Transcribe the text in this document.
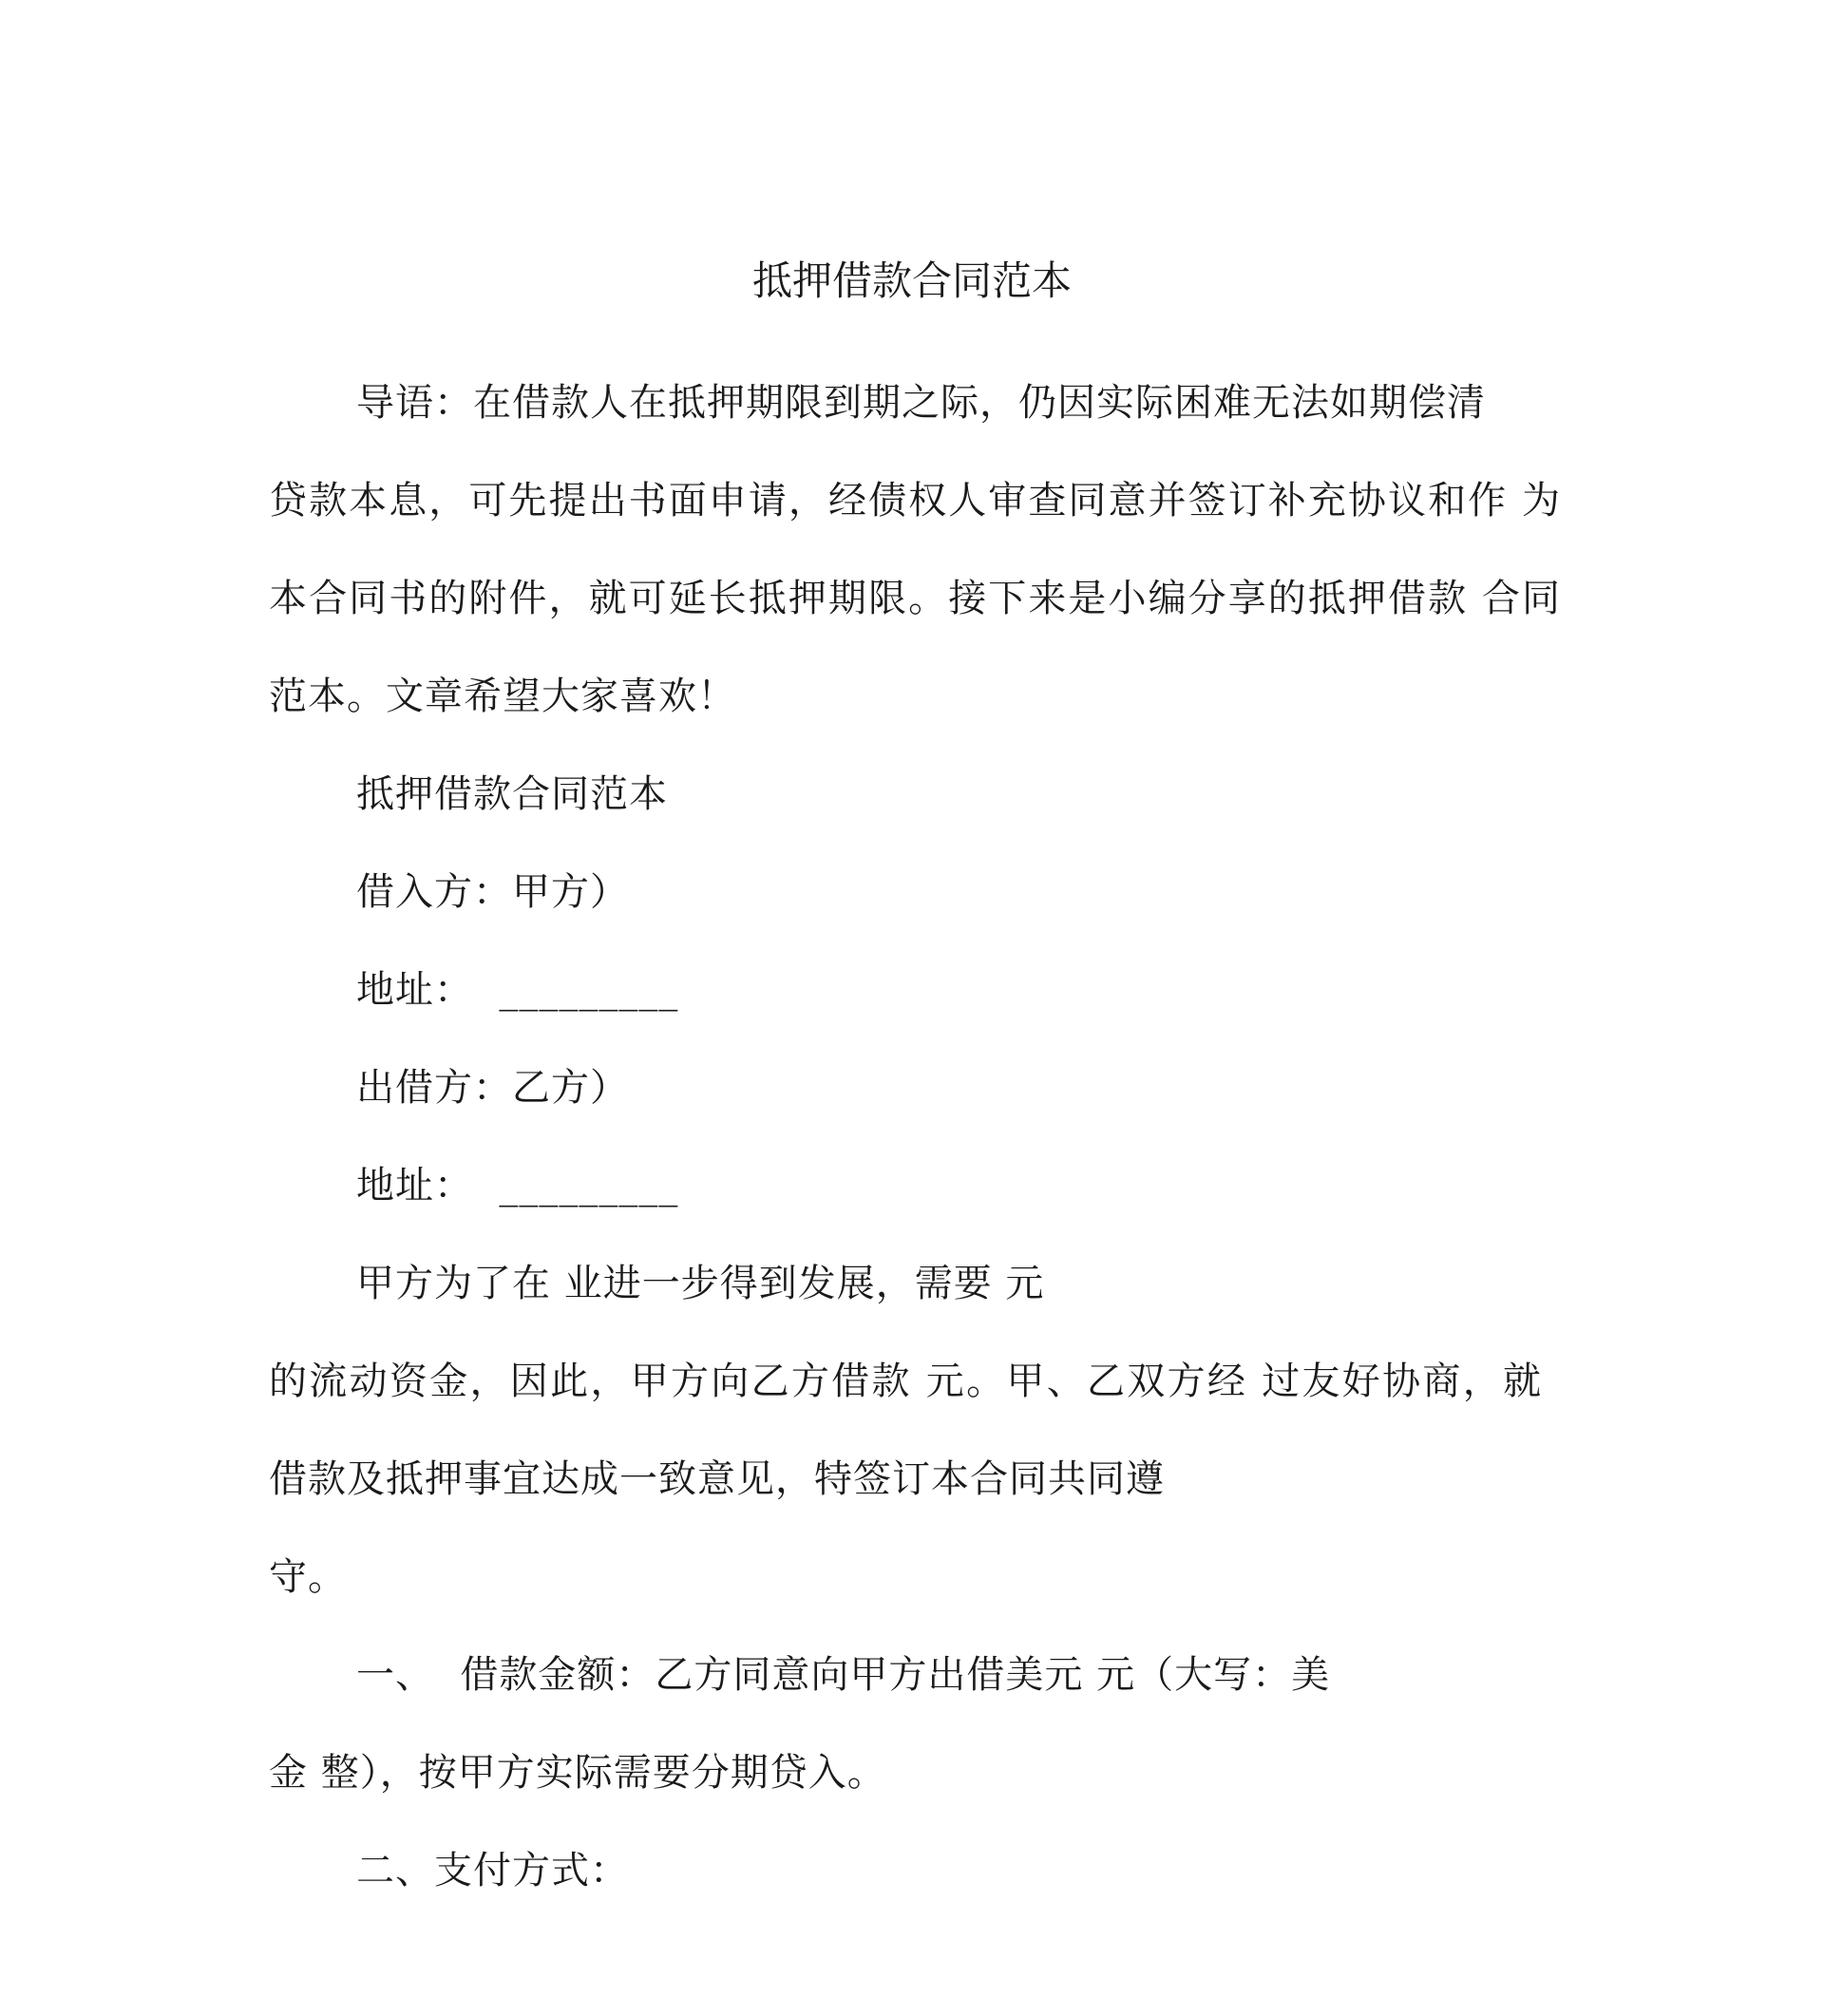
抵押借款合同范本
导语：在借款人在抵押期限到期之际，仍因实际困难无法如期偿清
贷款本息，可先提出书面申请，经债权人审查同意并签订补充协议和作 为
本合同书的附件，就可延长抵押期限。接下来是小编分享的抵押借款 合同
范本。文章希望大家喜欢！
抵押借款合同范本
借入方：甲方）
地址：  _________
出借方：乙方）
地址：  _________
甲方为了在 业进一步得到发展，需要 元
的流动资金，因此，甲方向乙方借款 元。甲、乙双方经 过友好协商，就
借款及抵押事宜达成一致意见，特签订本合同共同遵
守。
一、  借款金额：乙方同意向甲方出借美元 元（大写：美
金 整），按甲方实际需要分期贷入。
二、支付方式：
